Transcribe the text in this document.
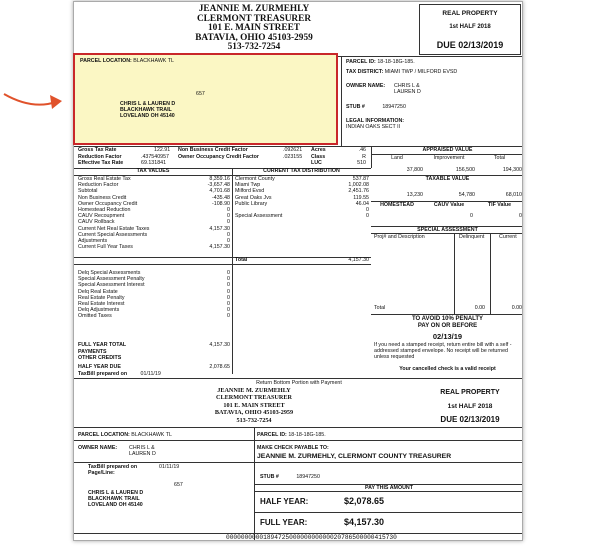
JEANNIE M. ZURMEHLY
CLERMONT TREASURER
101 E. MAIN STREET
BATAVIA, OHIO 45103-2959
513-732-7254
REAL PROPERTY
1st HALF 2018
DUE 02/13/2019
PARCEL ID: 18-18-18G-185.
TAX DISTRICT: MIAMI TWP / MILFORD EVSD
OWNER NAME: CHRIS L &
LAUREN D
STUB #	18947250
LEGAL INFORMATION:
INDIAN OAKS SECT II
Gross Tax Rate	122.91 Non Business Credit Factor	.092621 Acres	.46
Reduction Factor	.437540957 Owner Occupancy Credit Factor	.023155 Class	R
Effective Tax Rate	69.131841	LUC	510
APPRAISED VALUE
Land	Improvement	Total
37,800	156,500	194,300
TAXABLE VALUE
13,230	54,780	68,010
HOMESTEAD	CAUV Value	TIF Value
0	0
TAX VALUES	CURRENT TAX DISTRIBUTION
Gross Real Estate Tax	8,359.16
Reduction Factor	-3,657.48
Subtotal	4,701.68
Non Business Credit	-435.48
Owner Occupancy Credit	-108.90
Homestead Reduction	0
CAUV Recoupment	0
CAUV Rollback	0
Current Net Real Estate Taxes	4,157.30
Current Special Assessments	0
Adjustments	0
Current Full Year Taxes	4,157.30
Clermont County	537.87
Miami Twp	1,002.08
Milford Evsd	2,451.76
Great Oaks Jvs	119.55
Public Library	46.04
0
Special Assessment	0
Total	4,157.30
Delq Special Assessments	0
Special Assessment Penalty	0
Special Assessment Interest	0
Delq Real Estate	0
Real Estate Penalty	0
Real Estate Interest	0
Delq Adjustments	0
Omitted Taxes	0
FULL YEAR TOTAL	4,157.30
PAYMENTS
OTHER CREDITS
HALF YEAR DUE	2,078.65
TaxBill prepared on	01/11/19
SPECIAL ASSESSMENT
Proj# and Description	Delinquent	Current
Total	0.00	0.00
TO AVOID 10% PENALTY
PAY ON OR BEFORE
02/13/19
If you need a stamped receipt, return entire bill with a self - addressed stamped envelope. No receipt will be returned unless requested
Your cancelled check is a valid receipt
Return Bottom Portion with Payment
JEANNIE M. ZURMEHLY
CLERMONT TREASURER
101 E. MAIN STREET
BATAVIA, OHIO 45103-2959
513-732-7254
REAL PROPERTY
1st HALF 2018
DUE 02/13/2019
PARCEL LOCATION: BLACKHAWK TL	PARCEL ID: 18-18-18G-185.
OWNER NAME: CHRIS L &
LAUREN D
MAKE CHECK PAYABLE TO:
JEANNIE M. ZURMEHLY, CLERMONT COUNTY TREASURER
TaxBill prepared on
Page/Line:
01/11/19
657
CHRIS L & LAUREN D
BLACKHAWK TRAIL
LOVELAND OH 45140
STUB #	18947250
PAY THIS AMOUNT
HALF YEAR:	$2,078.65
FULL YEAR:	$4,157.30
0000000000189472500000000000020786500000415730
PARCEL LOCATION: BLACKHAWK TL
657
CHRIS L & LAUREN D
BLACKHAWK TRAIL
LOVELAND OH 45140
